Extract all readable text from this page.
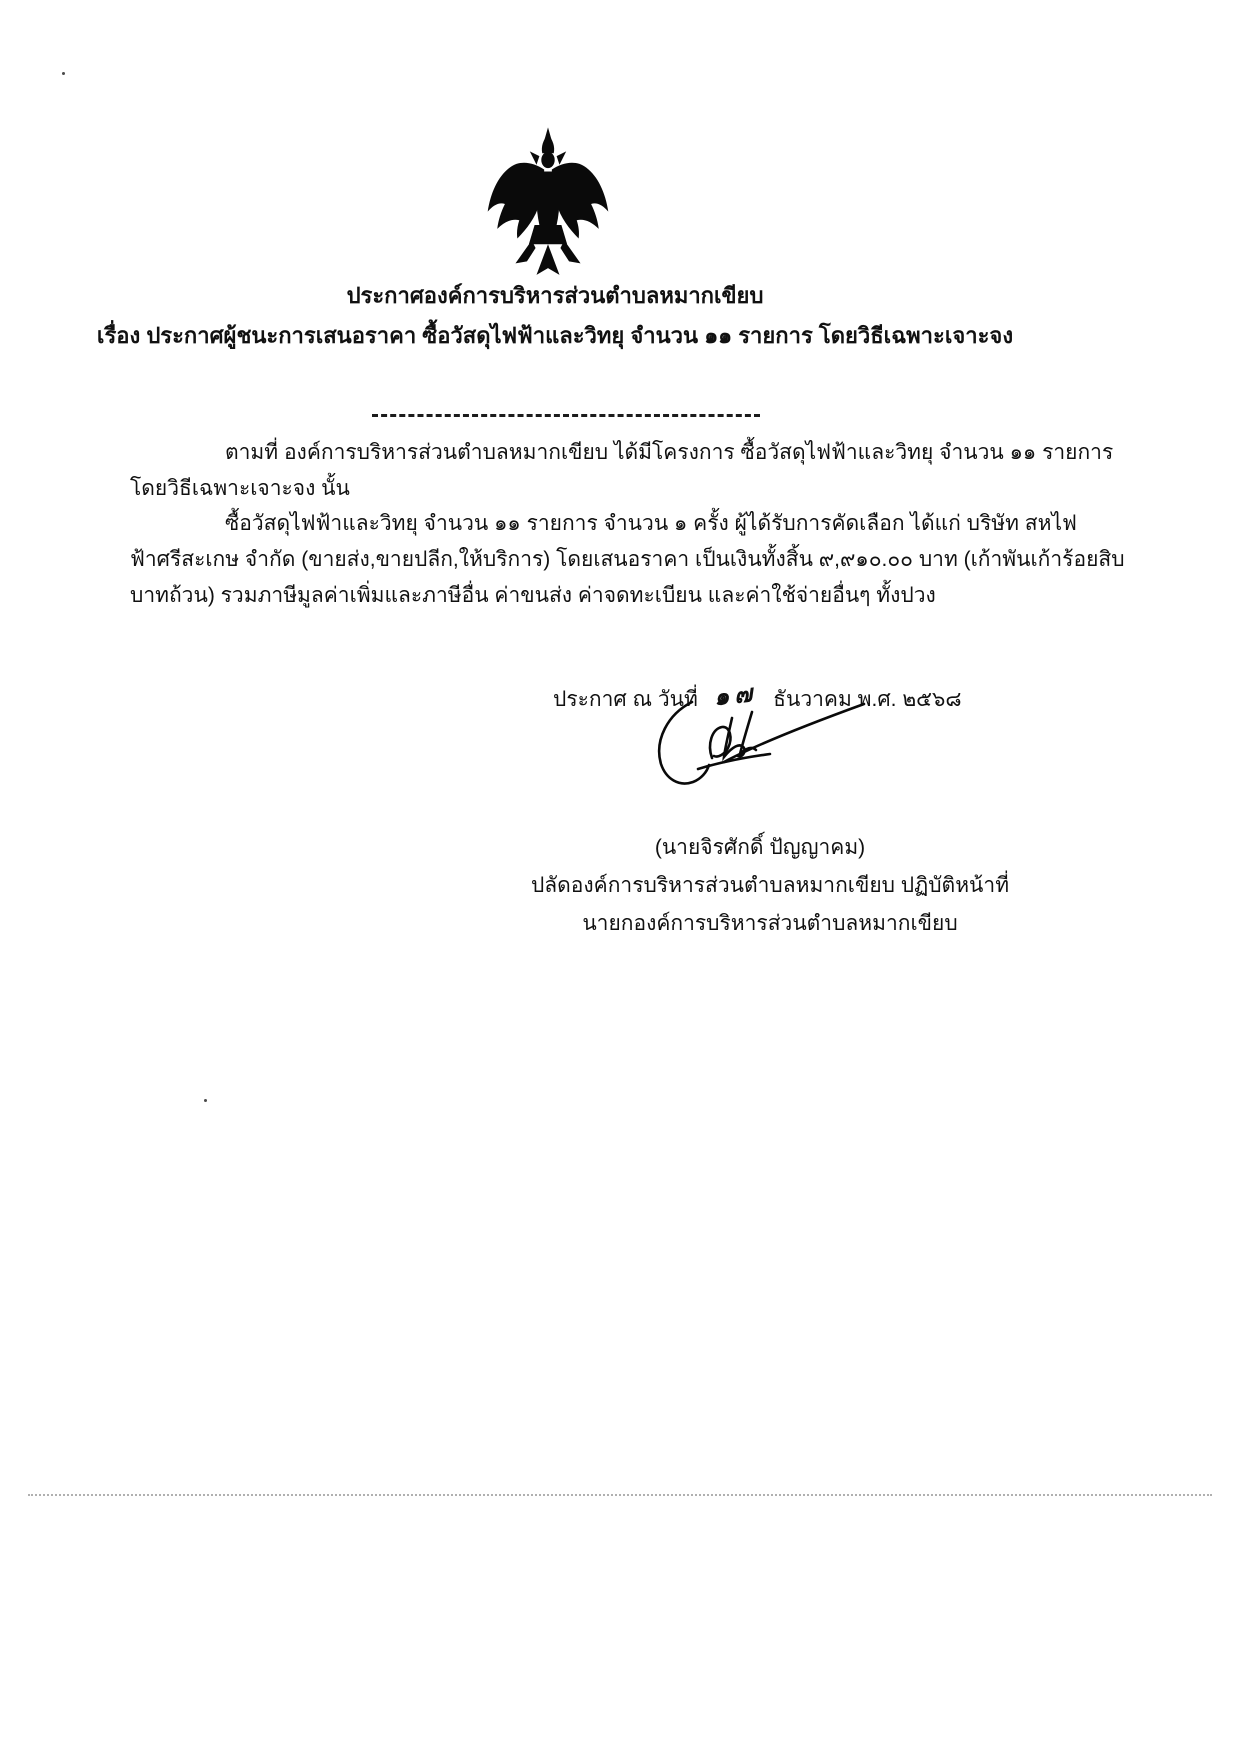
ประกาศองค์การบริหารส่วนตำบลหมากเขียบ
เรื่อง ประกาศผู้ชนะการเสนอราคา ซื้อวัสดุไฟฟ้าและวิทยุ จำนวน ๑๑ รายการ โดยวิธีเฉพาะเจาะจง
ตามที่ องค์การบริหารส่วนตำบลหมากเขียบ ได้มีโครงการ ซื้อวัสดุไฟฟ้าและวิทยุ จำนวน ๑๑ รายการ
โดยวิธีเฉพาะเจาะจง นั้น
ซื้อวัสดุไฟฟ้าและวิทยุ จำนวน ๑๑ รายการ จำนวน ๑ ครั้ง ผู้ได้รับการคัดเลือก ได้แก่ บริษัท สหไฟ
ฟ้าศรีสะเกษ จำกัด (ขายส่ง,ขายปลีก,ให้บริการ) โดยเสนอราคา เป็นเงินทั้งสิ้น ๙,๙๑๐.๐๐ บาท (เก้าพันเก้าร้อยสิบ
บาทถ้วน) รวมภาษีมูลค่าเพิ่มและภาษีอื่น ค่าขนส่ง ค่าจดทะเบียน และค่าใช้จ่ายอื่นๆ ทั้งปวง
ประกาศ ณ วันที่ ๑๗ ธันวาคม พ.ศ. ๒๕๖๘
(นายจิรศักดิ์ ปัญญาคม)
ปลัดองค์การบริหารส่วนตำบลหมากเขียบ ปฏิบัติหน้าที่
นายกองค์การบริหารส่วนตำบลหมากเขียบ
